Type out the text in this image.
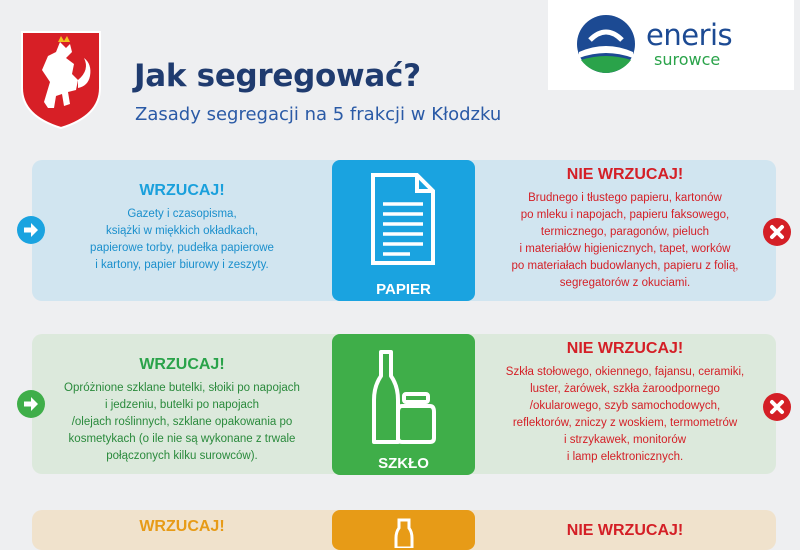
Jak segregować?
Zasady segregacji na 5 frakcji w Kłodzku
eneris
surowce
WRZUCAJ!
Gazety i czasopisma,
książki w miękkich okładkach,
papierowe torby, pudełka papierowe
i kartony, papier biurowy i zeszyty.
NIE WRZUCAJ!
Brudnego i tłustego papieru, kartonów
po mleku i napojach, papieru faksowego,
termicznego, paragonów, pieluch
i materiałów higienicznych, tapet, worków
po materiałach budowlanych, papieru z folią,
segregatorów z okuciami.
PAPIER
WRZUCAJ!
Opróżnione szklane butelki, słoiki po napojach
i jedzeniu, butelki po napojach
/olejach roślinnych, szklane opakowania po
kosmetykach (o ile nie są wykonane z trwale
połączonych kilku surowców).
NIE WRZUCAJ!
Szkła stołowego, okiennego, fajansu, ceramiki,
luster, żarówek, szkła żaroodpornego
/okularowego, szyb samochodowych,
reflektorów, zniczy z woskiem, termometrów
i strzykawek, monitorów
i lamp elektronicznych.
SZKŁO
WRZUCAJ!	NIE WRZUCAJ!
